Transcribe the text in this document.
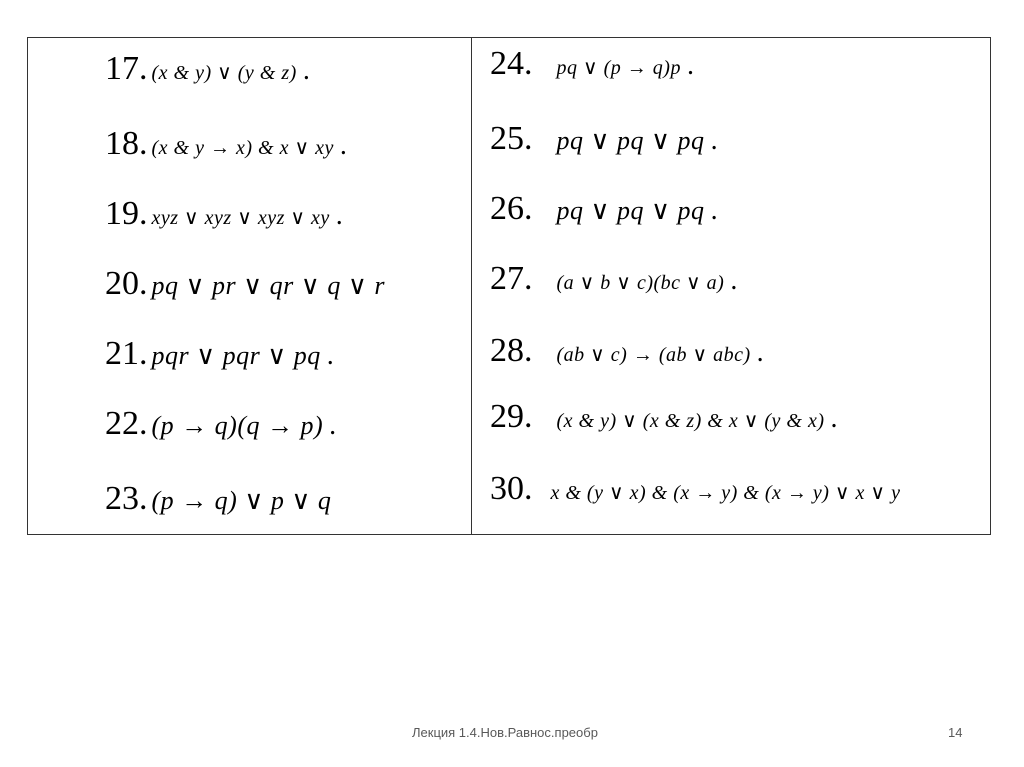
17. (x & y) ∨ (y & z) .
18. (x & y → x) & x ∨ xy .
19. xyz ∨ xyz ∨ xyz ∨ xy .
20. pq ∨ pr ∨ qr ∨ q ∨ r
21. pqr ∨ pqr ∨ pq .
22. (p → q)(q → p) .
23. (p → q) ∨ p ∨ q
24. pq ∨ (p → q)p .
25. pq ∨ pq ∨ pq .
26. pq ∨ pq ∨ pq .
27. (a ∨ b ∨ c)(bc ∨ a) .
28. (ab ∨ c) → (ab ∨ abc) .
29. (x & y) ∨ (x & z) & x ∨ (y & x) .
30. x & (y ∨ x) & (x → y) & (x → y) ∨ x ∨ y
Лекция 1.4.Нов.Равнос.преобр	14
